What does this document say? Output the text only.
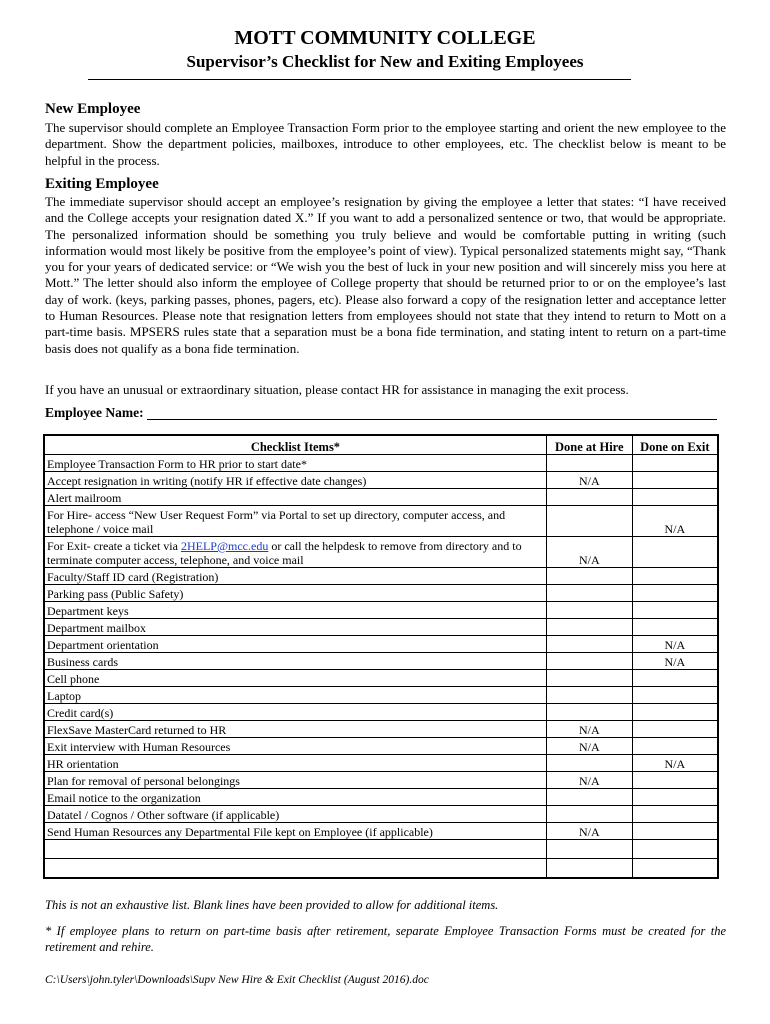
MOTT COMMUNITY COLLEGE
Supervisor’s Checklist for New and Exiting Employees
New Employee
The supervisor should complete an Employee Transaction Form prior to the employee starting and orient the new employee to the department. Show the department policies, mailboxes, introduce to other employees, etc. The checklist below is meant to be helpful in the process.
Exiting Employee
The immediate supervisor should accept an employee’s resignation by giving the employee a letter that states: “I have received and the College accepts your resignation dated X.” If you want to add a personalized sentence or two, that would be appropriate. The personalized information should be something you truly believe and would be comfortable putting in writing (such information would most likely be positive from the employee’s point of view). Typical personalized statements might say, “Thank you for your years of dedicated service: or “We wish you the best of luck in your new position and will sincerely miss you here at Mott.” The letter should also inform the employee of College property that should be returned prior to or on the employee’s last day of work. (keys, parking passes, phones, pagers, etc). Please also forward a copy of the resignation letter and acceptance letter to Human Resources. Please note that resignation letters from employees should not state that they intend to return to Mott on a part-time basis. MPSERS rules state that a separation must be a bona fide termination, and stating intent to return on a part-time basis does not qualify as a bona fide termination.
If you have an unusual or extraordinary situation, please contact HR for assistance in managing the exit process.
Employee Name:
Checklist Items*	Done at Hire	Done on Exit
Employee Transaction Form to HR prior to start date*		
Accept resignation in writing (notify HR if effective date changes)	N/A	
Alert mailroom		
For Hire- access “New User Request Form” via Portal to set up directory, computer access, and telephone / voice mail		N/A
For Exit- create a ticket via 2HELP@mcc.edu or call the helpdesk to remove from directory and to terminate computer access, telephone, and voice mail	N/A	
Faculty/Staff ID card (Registration)		
Parking pass (Public Safety)		
Department keys		
Department mailbox		
Department orientation		N/A
Business cards		N/A
Cell phone		
Laptop		
Credit card(s)		
FlexSave MasterCard returned to HR	N/A	
Exit interview with Human Resources	N/A	
HR orientation		N/A
Plan for removal of personal belongings	N/A	
Email notice to the organization		
Datatel / Cognos / Other software (if applicable)		
Send Human Resources any Departmental File kept on Employee (if applicable)	N/A	

This is not an exhaustive list. Blank lines have been provided to allow for additional items.
* If employee plans to return on part-time basis after retirement, separate Employee Transaction Forms must be created for the retirement and rehire.
C:\Users\john.tyler\Downloads\Supv New Hire & Exit Checklist (August 2016).doc
